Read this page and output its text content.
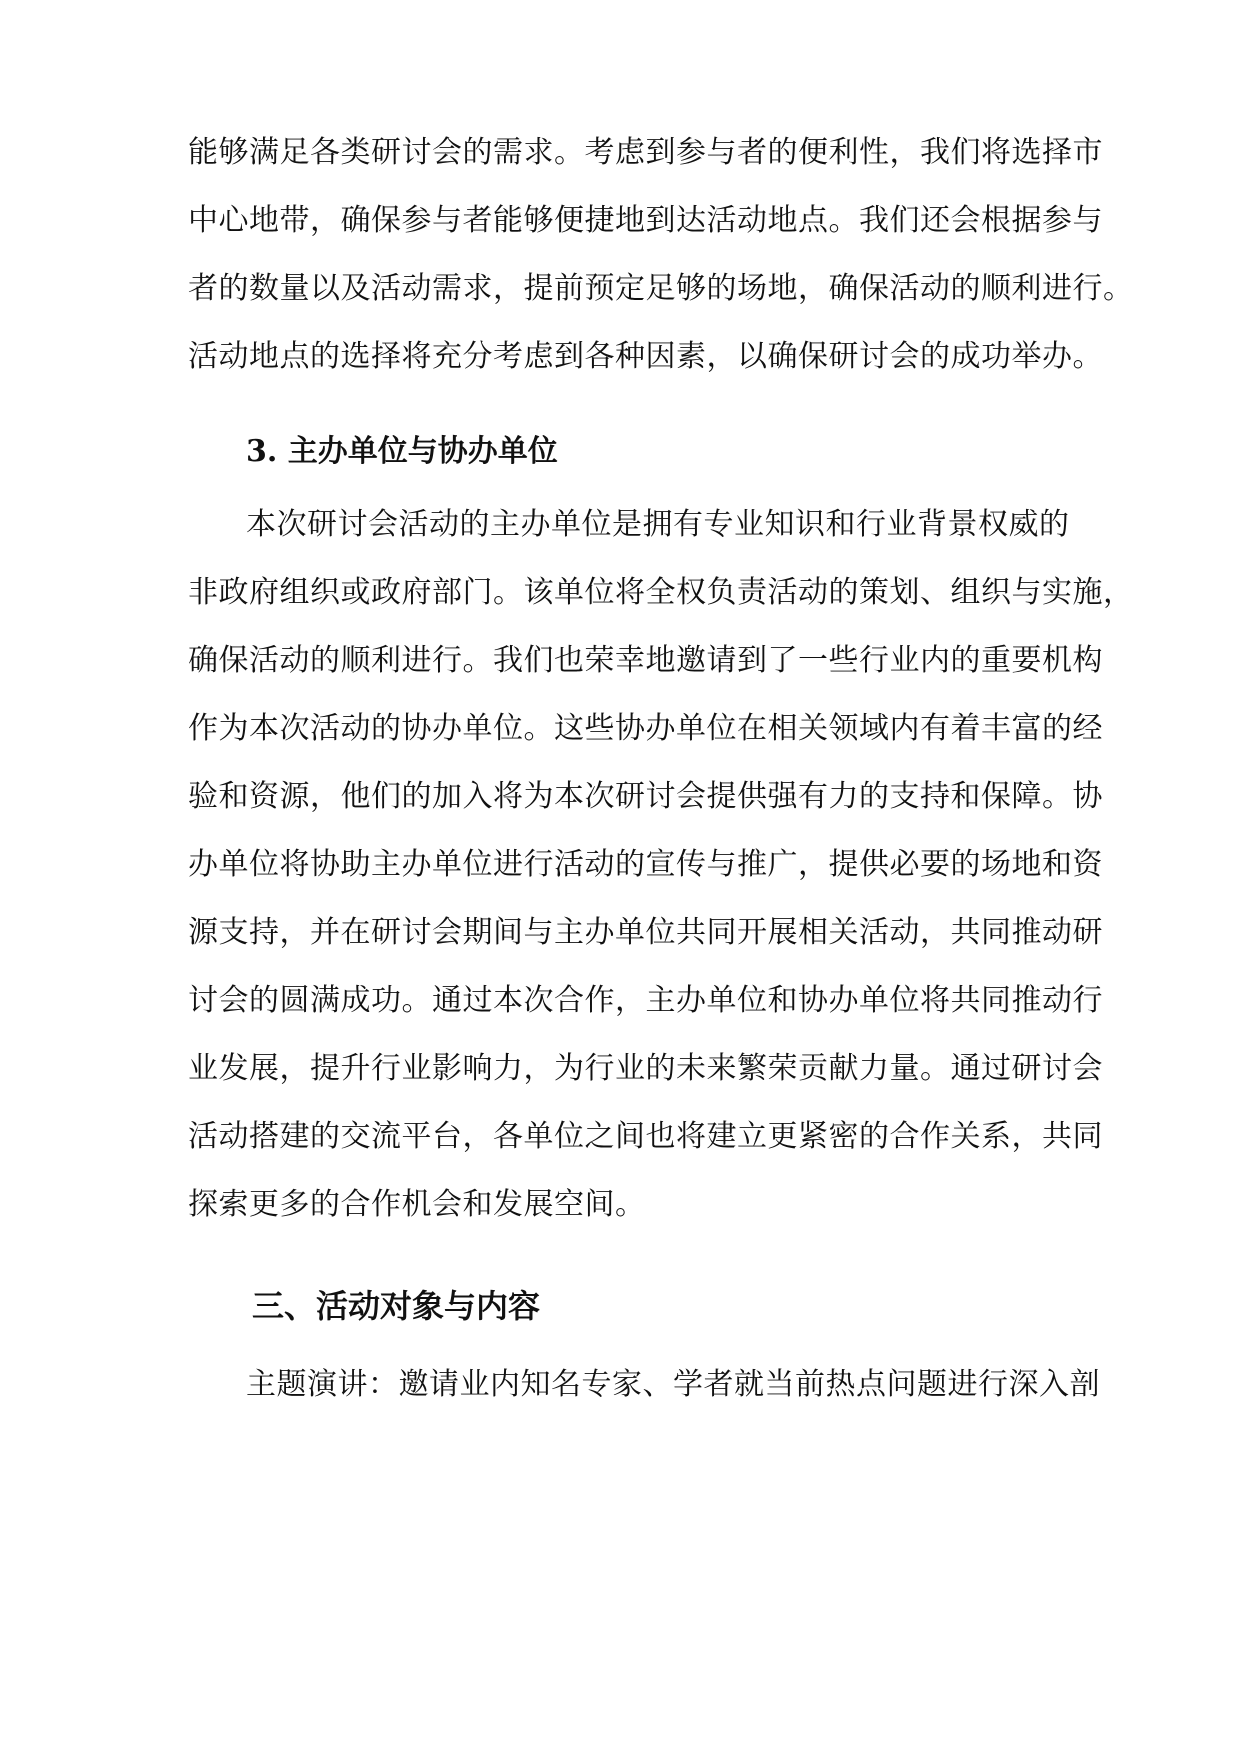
能够满足各类研讨会的需求。考虑到参与者的便利性，我们将选择市
中心地带，确保参与者能够便捷地到达活动地点。我们还会根据参与
者的数量以及活动需求，提前预定足够的场地，确保活动的顺利进行。
活动地点的选择将充分考虑到各种因素，以确保研讨会的成功举办。
3. 主办单位与协办单位
本次研讨会活动的主办单位是拥有专业知识和行业背景权威的
非政府组织或政府部门。该单位将全权负责活动的策划、组织与实施，
确保活动的顺利进行。我们也荣幸地邀请到了一些行业内的重要机构
作为本次活动的协办单位。这些协办单位在相关领域内有着丰富的经
验和资源，他们的加入将为本次研讨会提供强有力的支持和保障。协
办单位将协助主办单位进行活动的宣传与推广，提供必要的场地和资
源支持，并在研讨会期间与主办单位共同开展相关活动，共同推动研
讨会的圆满成功。通过本次合作，主办单位和协办单位将共同推动行
业发展，提升行业影响力，为行业的未来繁荣贡献力量。通过研讨会
活动搭建的交流平台，各单位之间也将建立更紧密的合作关系，共同
探索更多的合作机会和发展空间。
三、活动对象与内容
主题演讲：邀请业内知名专家、学者就当前热点问题进行深入剖
